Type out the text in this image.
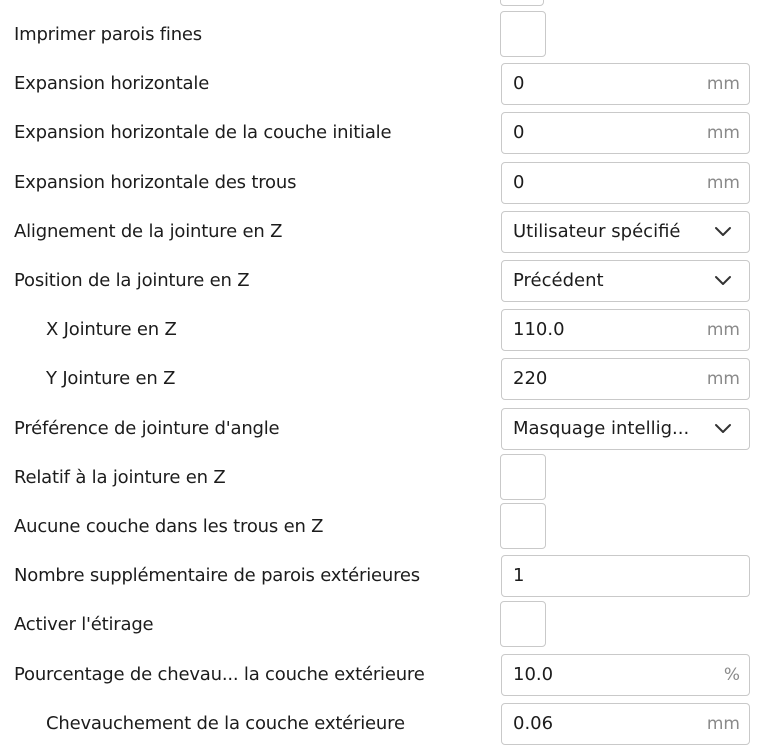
Imprimer parois fines
Expansion horizontale	0	mm
Expansion horizontale de la couche initiale	0	mm
Expansion horizontale des trous	0	mm
Alignement de la jointure en Z	Utilisateur spécifié
Position de la jointure en Z	Précédent
X Jointure en Z	110.0	mm
Y Jointure en Z	220	mm
Préférence de jointure d'angle	Masquage intellig...
Relatif à la jointure en Z
Aucune couche dans les trous en Z
Nombre supplémentaire de parois extérieures	1
Activer l'étirage
Pourcentage de chevau... la couche extérieure	10.0	%
Chevauchement de la couche extérieure	0.06	mm
